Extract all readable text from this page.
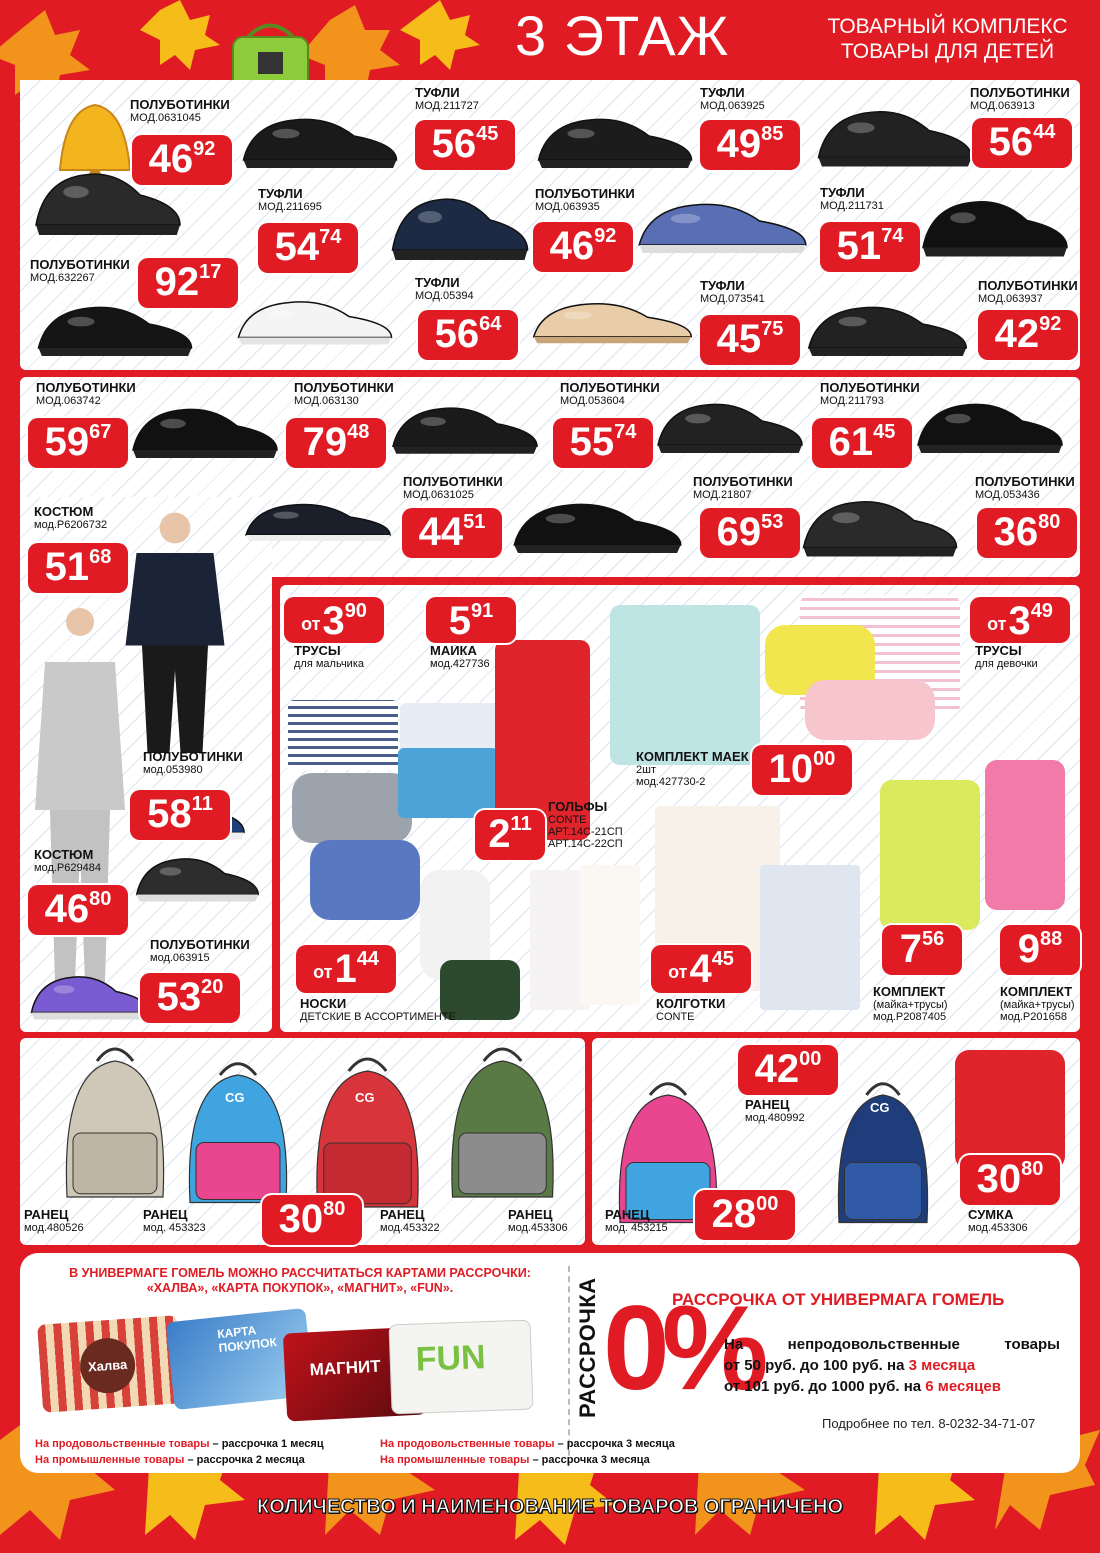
3 ЭТАЖ	ТОВАРНЫЙ КОМПЛЕКС
ТОВАРЫ ДЛЯ ДЕТЕЙ
ПОЛУБОТИНКИ
МОД.0631045
46 92
ТУФЛИ
МОД.211727
56 45
ТУФЛИ
МОД.063925
49 85
ПОЛУБОТИНКИ
МОД.063913
56 44
ТУФЛИ
МОД.211695
54 74
ПОЛУБОТИНКИ
МОД.063935
46 92
ТУФЛИ
МОД.211731
51 74
ПОЛУБОТИНКИ
МОД.632267	92 17	ТУФЛИ
МОД.05394
56 64
ТУФЛИ
МОД.073541
45 75
ПОЛУБОТИНКИ
МОД.063937
42 92
ПОЛУБОТИНКИ
МОД.063742
59 67
ПОЛУБОТИНКИ
МОД.063130
79 48
ПОЛУБОТИНКИ
МОД.053604
55 74
ПОЛУБОТИНКИ
МОД.211793
61 45
ПОЛУБОТИНКИ
МОД.0631025
44 51
ПОЛУБОТИНКИ
МОД.21807
69 53
ПОЛУБОТИНКИ
МОД.053436
36 80
КОСТЮМ
мод.Р6206732
51 68
ПОЛУБОТИНКИ
мод.053980
58 11
КОСТЮМ
мод.Р629484
46 80
ПОЛУБОТИНКИ
мод.063915
53 20
ТРУСЫ
для мальчика
от 3 90
МАЙКА
мод.427736
5 91
ТРУСЫ
для девочки
от 3 49
КОМПЛЕКТ МАЕК
2шт
мод.427730-2	10 00
ГОЛЬФЫ
CONTE
АРТ.14С-21СП
АРТ.14С-22СП
2 11
НОСКИ
ДЕТСКИЕ В АССОРТИМЕНТЕ
от 1 44
КОЛГОТКИ
CONTE
от 4 45
КОМПЛЕКТ
(майка+трусы)
мод.Р2087405
7 56
КОМПЛЕКТ
(майка+трусы)
мод.Р201658
9 88
30 80
РАНЕЦ
мод.480526
РАНЕЦ
мод. 453323
РАНЕЦ
мод.453322
РАНЕЦ
мод.453306	28 00
42 00
30 80
РАНЕЦ
мод. 453215
РАНЕЦ
мод.480992
СУМКА
мод.453306
CG	CG
CG
В УНИВЕРМАГЕ ГОМЕЛЬ МОЖНО РАССЧИТАТЬСЯ КАРТАМИ РАССРОЧКИ:
«ХАЛВА», «КАРТА ПОКУПОК», «МАГНИТ», «FUN».
Халва
КАРТА ПОКУПОК
МАГНИТ FUN
На продовольственные товары – рассрочка 1 месяц
На промышленные товары – рассрочка 2 месяца
На продовольственные товары – рассрочка 3 месяца
На промышленные товары – рассрочка 3 месяца
РАССРОЧКА 0%
РАССРОЧКА ОТ УНИВЕРМАГА ГОМЕЛЬ
На непродовольственные товары
от 50 руб. до 100 руб. на 3 месяца
от 101 руб. до 1000 руб. на 6 месяцев
Подробнее по тел. 8-0232-34-71-07
КОЛИЧЕСТВО И НАИМЕНОВАНИЕ ТОВАРОВ ОГРАНИЧЕНО
